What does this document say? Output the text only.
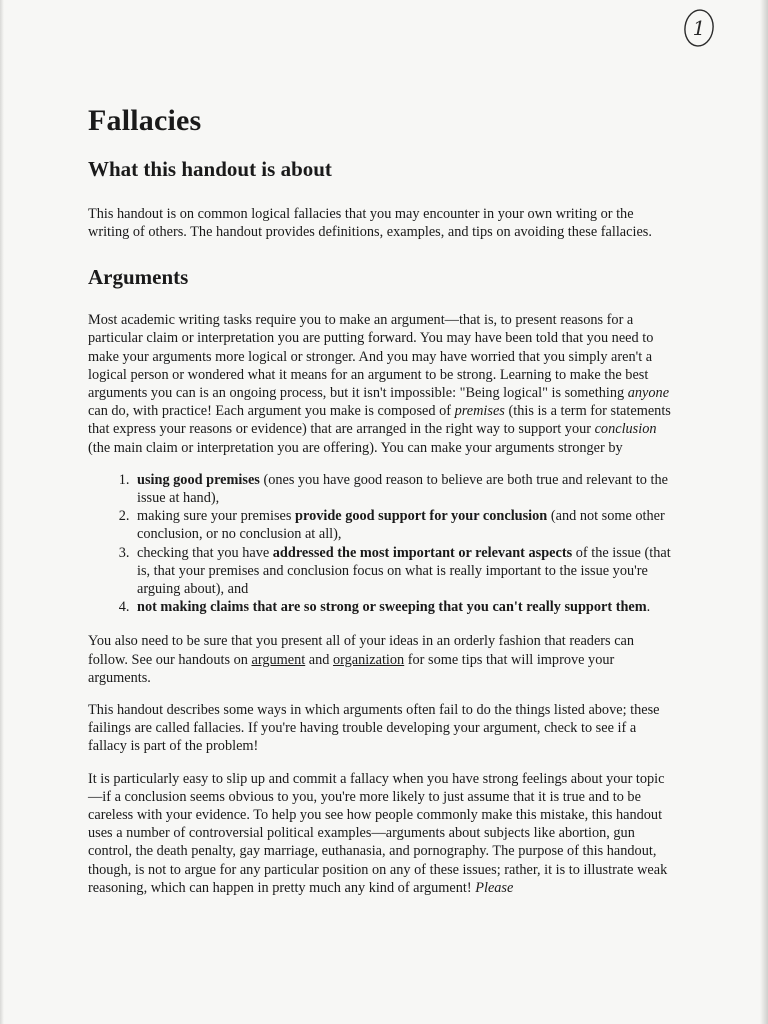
1
Fallacies
What this handout is about

This handout is on common logical fallacies that you may encounter in your own writing or the writing of others. The handout provides definitions, examples, and tips on avoiding these fallacies.

Arguments

Most academic writing tasks require you to make an argument—that is, to present reasons for a particular claim or interpretation you are putting forward. You may have been told that you need to make your arguments more logical or stronger. And you may have worried that you simply aren't a logical person or wondered what it means for an argument to be strong. Learning to make the best arguments you can is an ongoing process, but it isn't impossible: "Being logical" is something anyone can do, with practice! Each argument you make is composed of premises (this is a term for statements that express your reasons or evidence) that are arranged in the right way to support your conclusion (the main claim or interpretation you are offering). You can make your arguments stronger by

1. using good premises (ones you have good reason to believe are both true and relevant to the issue at hand),
2. making sure your premises provide good support for your conclusion (and not some other conclusion, or no conclusion at all),
3. checking that you have addressed the most important or relevant aspects of the issue (that is, that your premises and conclusion focus on what is really important to the issue you're arguing about), and
4. not making claims that are so strong or sweeping that you can't really support them.

You also need to be sure that you present all of your ideas in an orderly fashion that readers can follow. See our handouts on argument and organization for some tips that will improve your arguments.

This handout describes some ways in which arguments often fail to do the things listed above; these failings are called fallacies. If you're having trouble developing your argument, check to see if a fallacy is part of the problem!

It is particularly easy to slip up and commit a fallacy when you have strong feelings about your topic—if a conclusion seems obvious to you, you're more likely to just assume that it is true and to be careless with your evidence. To help you see how people commonly make this mistake, this handout uses a number of controversial political examples—arguments about subjects like abortion, gun control, the death penalty, gay marriage, euthanasia, and pornography. The purpose of this handout, though, is not to argue for any particular position on any of these issues; rather, it is to illustrate weak reasoning, which can happen in pretty much any kind of argument! Please
